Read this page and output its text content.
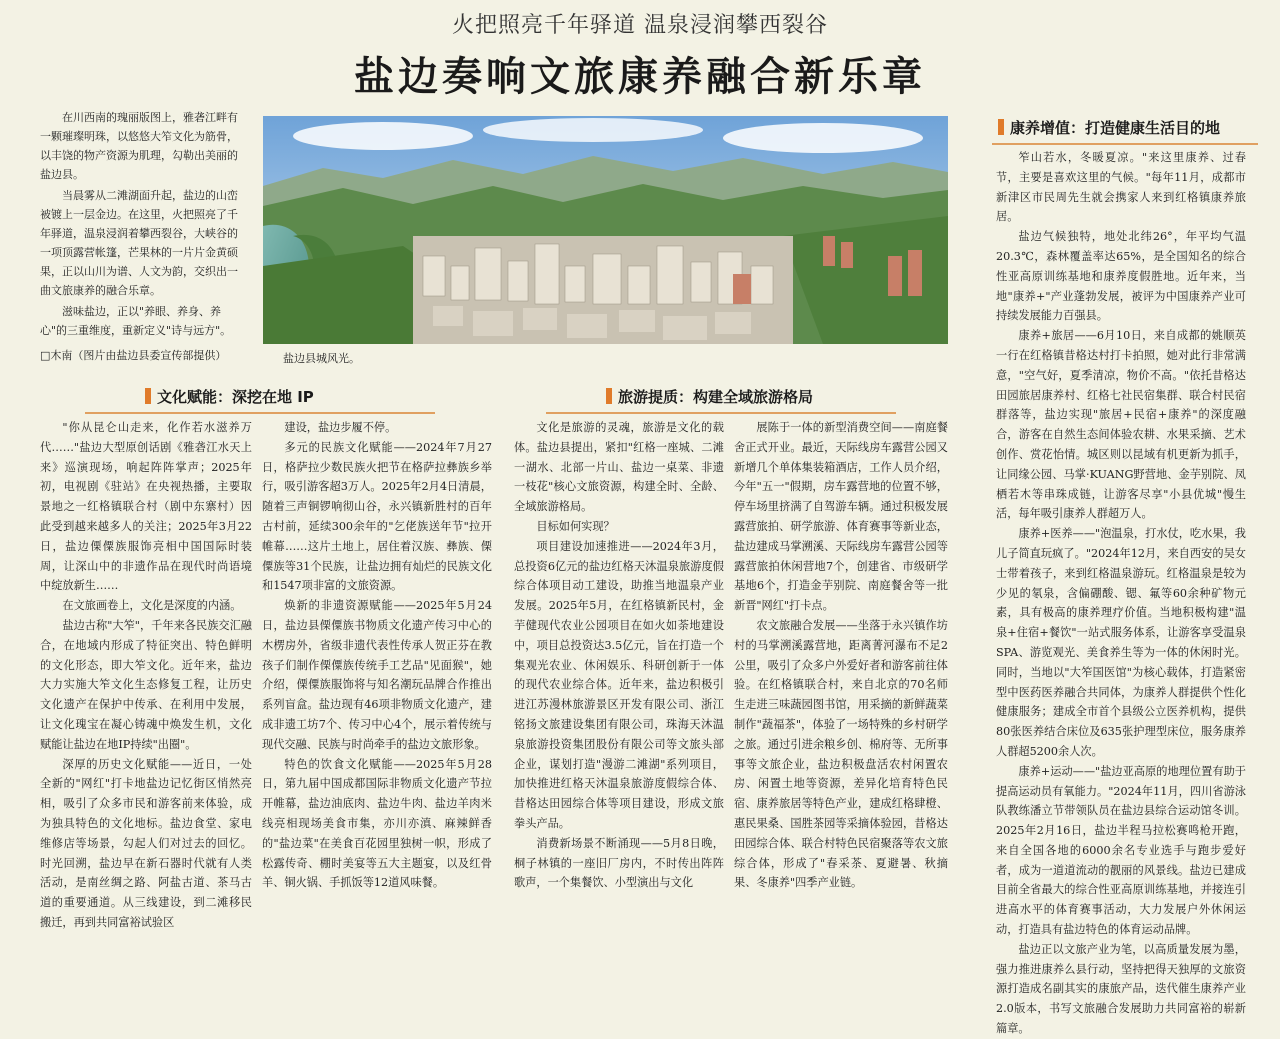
火把照亮千年驿道 温泉浸润攀西裂谷
盐边奏响文旅康养融合新乐章

在川西南的瑰丽版图上，雅砻江畔有一颗璀璨明珠，以悠悠大笮文化为筋骨，以丰饶的物产资源为肌理，勾勒出美丽的盐边县。

当晨雾从二滩湖面升起，盐边的山峦被镀上一层金边。在这里，火把照亮了千年驿道，温泉浸润着攀西裂谷，大峡谷的一项顶露营帐篷，芒果林的一片片金黄硕果，正以山川为谱、人文为韵，交织出一曲文旅康养的融合乐章。

滋味盐边，正以"养眼、养身、养心"的三重维度，重新定义"诗与远方"。

□木南（图片由盐边县委宣传部提供）	盐边县城风光。
文化赋能：深挖在地 IP	旅游提质：构建全域旅游格局
康养增值：打造健康生活目的地

"你从昆仑山走来，化作若水滋养万代……"盐边大型原创话剧《雅砻江水天上来》巡演现场，响起阵阵掌声；2025年初，电视剧《驻站》在央视热播，主要取景地之一红格镇联合村（剧中东寨村）因此受到越来越多人的关注；2025年3月22日，盐边傈僳族服饰亮相中国国际时装周，让深山中的非遗作品在现代时尚语境中绽放新生……

在文旅画卷上，文化是深度的内涵。

盐边古称"大笮"，千年来各民族交汇融合，在地域内形成了特征突出、特色鲜明的文化形态，即大笮文化。近年来，盐边大力实施大笮文化生态修复工程，让历史文化遗产在保护中传承、在利用中发展，让文化瑰宝在凝心铸魂中焕发生机，文化赋能让盐边在地IP持续"出圈"。

深厚的历史文化赋能——近日，一处全新的"网红"打卡地盐边记忆街区悄然亮相，吸引了众多市民和游客前来体验，成为独具特色的文化地标。盐边食堂、家电维修店等场景，勾起人们对过去的回忆。时光回溯，盐边早在新石器时代就有人类活动，是南丝绸之路、阿盐古道、茶马古道的重要通道。从三线建设，到二滩移民搬迁，再到共同富裕试验区

建设，盐边步履不停。

多元的民族文化赋能——2024年7月27日，格萨拉少数民族火把节在格萨拉彝族乡举行，吸引游客超3万人。2025年2月4日清晨，随着三声铜锣响彻山谷，永兴镇新胜村的百年古村前，延续300余年的"乞佬族送年节"拉开帷幕……这片土地上，居住着汉族、彝族、傈僳族等31个民族，让盐边拥有灿烂的民族文化和1547项非富的文旅资源。

焕新的非遗资源赋能——2025年5月24日，盐边县傈僳族书物质文化遗产传习中心的木楞房外，省级非遗代表性传承人贺正芬在教孩子们制作傈僳族传统手工艺品"见面猴"，她介绍，傈僳族服饰将与知名潮玩品牌合作推出系列盲盒。盐边现有46项非物质文化遗产，建成非遗工坊7个、传习中心4个，展示着传统与现代交融、民族与时尚牵手的盐边文旅形象。

特色的饮食文化赋能——2025年5月28日，第九届中国成都国际非物质文化遗产节拉开帷幕，盐边油底肉、盐边牛肉、盐边羊肉米线亮相现场美食市集，亦川亦滇、麻辣鲜香的"盐边菜"在美食百花园里独树一帜，形成了松露传奇、棚时美宴等五大主题宴，以及红骨羊、铜火锅、手抓饭等12道风味餐。

文化是旅游的灵魂，旅游是文化的载体。盐边县提出，紧扣"红格一座城、二滩一湖水、北部一片山、盐边一桌菜、非遗一枝花"核心文旅资源，构建全时、全龄、全域旅游格局。

目标如何实现？

项目建设加速推进——2024年3月，总投资6亿元的盐边红格天沐温泉旅游度假综合体项目动工建设，助推当地温泉产业发展。2025年5月，在红格镇新民村，金芋健现代农业公园项目在如火如荼地建设中，项目总投资达3.5亿元，旨在打造一个集观光农业、休闲娱乐、科研创新于一体的现代农业综合体。近年来，盐边积极引进江苏漫林旅游景区开发有限公司、浙江铭扬文旅建设集团有限公司，珠海天沐温泉旅游投资集团股份有限公司等文旅头部企业，谋划打造"漫游二滩湖"系列项目，加快推进红格天沐温泉旅游度假综合体、昔格达田园综合体等项目建设，形成文旅拳头产品。

消费新场景不断涌现——5月8日晚，桐子林镇的一座旧厂房内，不时传出阵阵歌声，一个集餐饮、小型演出与文化

展陈于一体的新型消费空间——南庭餐舍正式开业。最近，天际线房车露营公园又新增几个单体集装箱酒店，工作人员介绍，今年"五一"假期，房车露营地的位置不够，停车场里挤满了自驾游车辆。通过积极发展露营旅拍、研学旅游、体育赛事等新业态，盐边建成马掌溯溪、天际线房车露营公园等露营旅拍休闲营地7个，创建省、市级研学基地6个，打造金芋别院、南庭餐舍等一批新晋"网红"打卡点。

农文旅融合发展——坐落于永兴镇作坊村的马掌溯溪露营地，距离菁河瀑布不足2公里，吸引了众多户外爱好者和游客前往体验。在红格镇联合村，来自北京的70名师生走进三味蔬园图书馆，用采摘的新鲜蔬菜制作"蔬福茶"，体验了一场特殊的乡村研学之旅。通过引进余粮乡创、棉府等、无所事事等文旅企业，盐边积极盘活农村闲置农房、闲置土地等资源，差异化培育特色民宿、康养旅居等特色产业，建成红格肆橙、惠民果桑、国胜茶园等采摘体验园，昔格达田园综合体、联合村特色民宿聚落等农文旅综合体，形成了"春采茶、夏避暑、秋摘果、冬康养"四季产业链。

笮山若水，冬暖夏凉。"来这里康养、过春节，主要是喜欢这里的气候。"每年11月，成都市新津区市民周先生就会携家人来到红格镇康养旅居。

盐边气候独特，地处北纬26°，年平均气温20.3℃，森林覆盖率达65%，是全国知名的综合性亚高原训练基地和康养度假胜地。近年来，当地"康养+"产业蓬勃发展，被评为中国康养产业可持续发展能力百强县。

康养+旅居——6月10日，来自成都的姚顺英一行在红格镇昔格达村打卡拍照，她对此行非常满意，"空气好，夏季清凉，物价不高。"依托昔格达田园旅居康养村、红格七社民宿集群、联合村民宿群落等，盐边实现"旅居+民宿+康养"的深度融合，游客在自然生态间体验农耕、水果采摘、艺术创作、赏花怡情。城区则以昆域有机更新为抓手，让同缘公园、马掌·KUANG野营地、金芋别院、凤栖若木等串珠成链，让游客尽享"小县优城"慢生活，每年吸引康养人群超万人。

康养+医养——"泡温泉，打水仗，吃水果，我儿子简直玩疯了。"2024年12月，来自西安的吴女士带着孩子，来到红格温泉游玩。红格温泉是较为少见的氡泉，含偏硼酸、锶、氟等60余种矿物元素，具有极高的康养理疗价值。当地积极构建"温泉+住宿+餐饮"一站式服务体系，让游客享受温泉SPA、游览观光、美食养生等为一体的休闲时光。同时，当地以"大笮国医馆"为核心载体，打造紧密型中医药医养融合共同体，为康养人群提供个性化健康服务；建成全市首个县级公立医养机构，提供80张医养结合床位及635张护理型床位，服务康养人群超5200余人次。

康养+运动——"盐边亚高原的地理位置有助于提高运动员有氧能力。"2024年11月，四川省游泳队教练潘立节带领队员在盐边县综合运动馆冬训。2025年2月16日，盐边半程马拉松赛鸣枪开跑，来自全国各地的6000余名专业选手与跑步爱好者，成为一道道流动的靓丽的风景线。盐边已建成目前全省最大的综合性亚高原训练基地，并接连引进高水平的体育赛事活动，大力发展户外休闲运动，打造具有盐边特色的体育运动品牌。

盐边正以文旅产业为笔，以高质量发展为墨，强力推进康养么县行动，坚持把得天独厚的文旅资源打造成名副其实的康旅产品，迭代催生康养产业2.0版本，书写文旅融合发展助力共同富裕的崭新篇章。
